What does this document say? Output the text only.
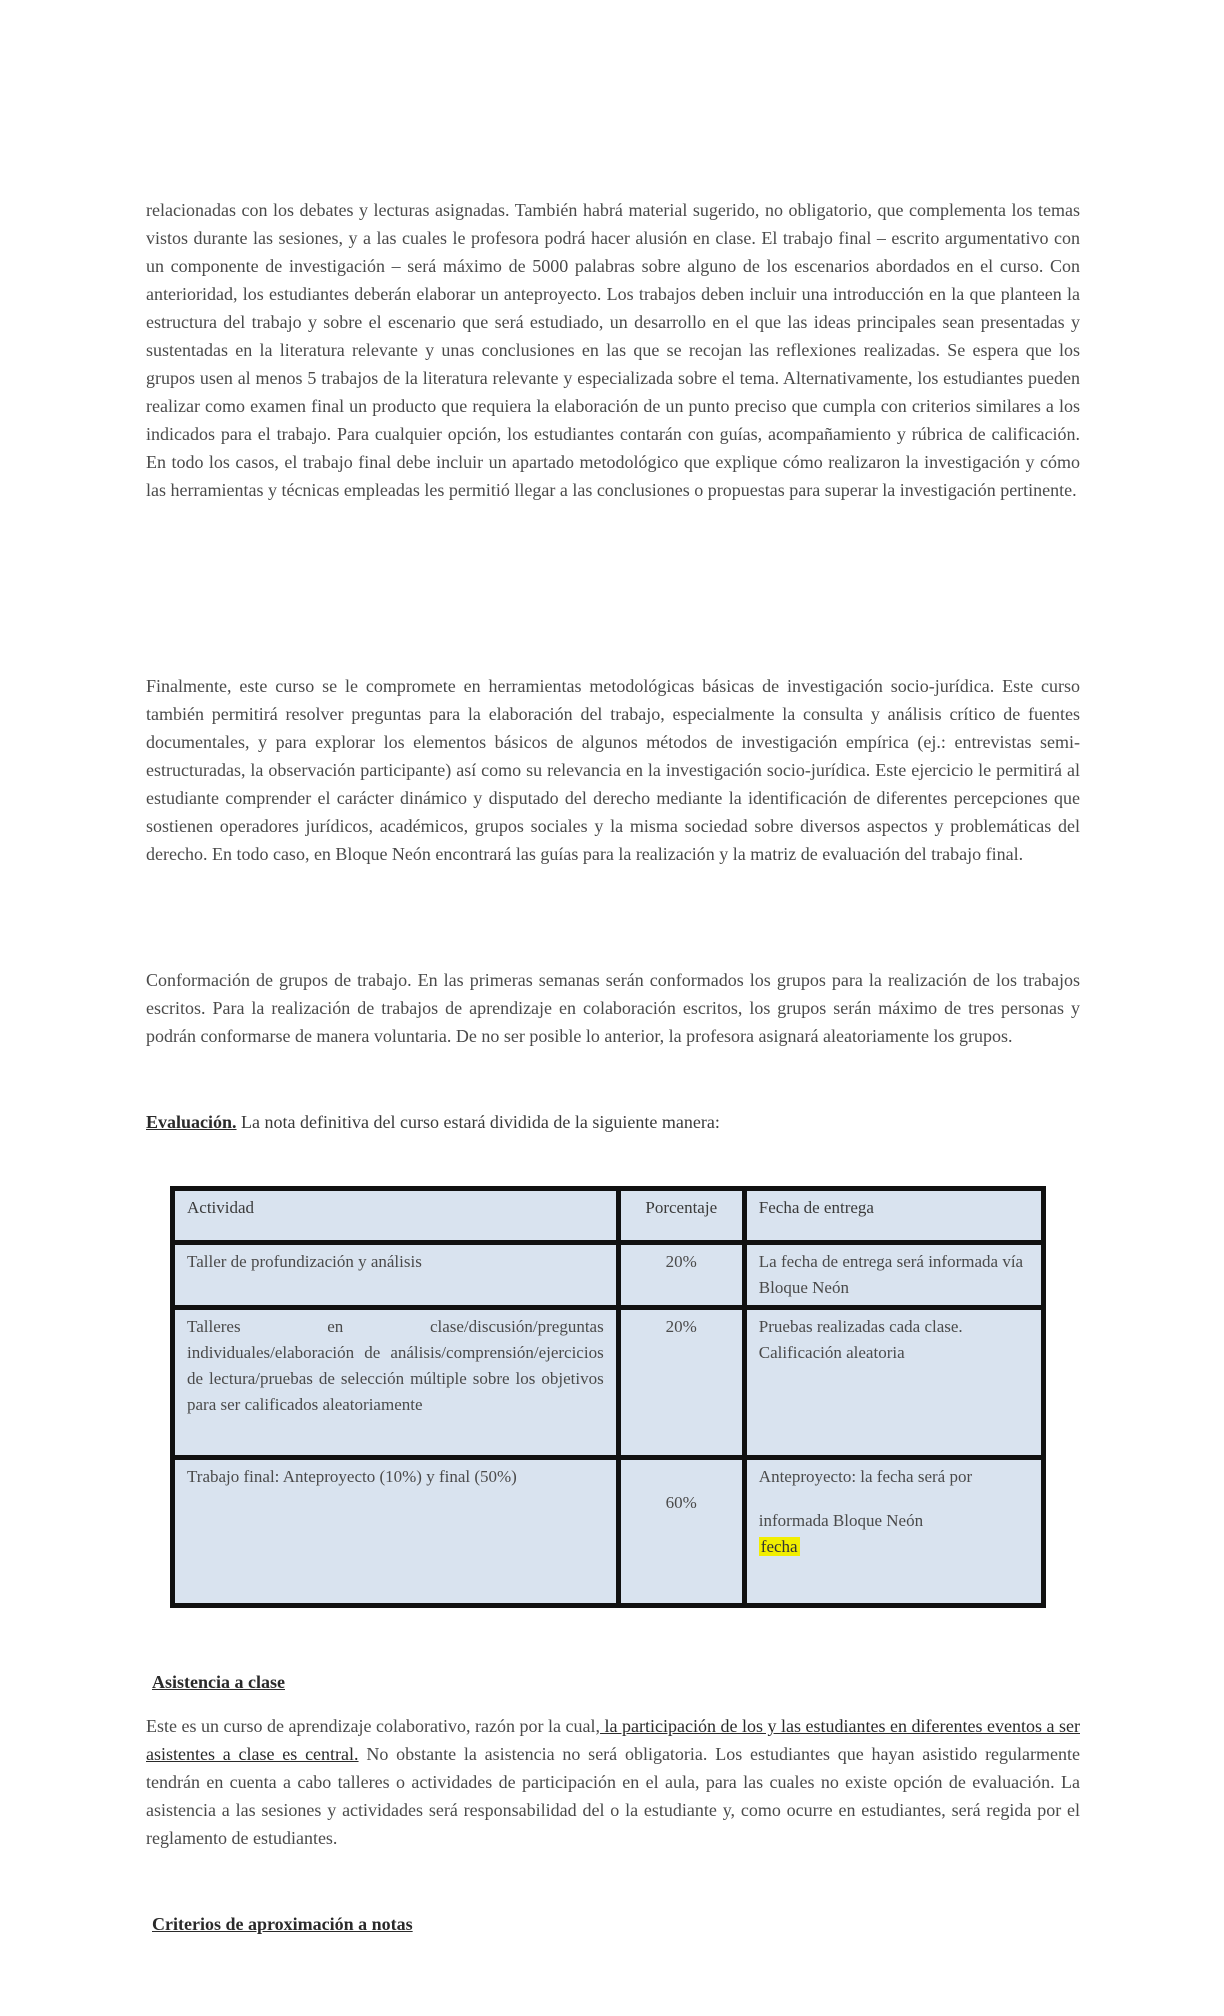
relacionadas con los debates y lecturas asignadas. También habrá material sugerido, no obligatorio, que complementa los temas vistos durante las sesiones, y a las cuales le profesora podrá hacer alusión en clase. El trabajo final – escrito argumentativo con un componente de investigación – será máximo de 5000 palabras sobre alguno de los escenarios abordados en el curso. Con anterioridad, los estudiantes deberán elaborar un anteproyecto. Los trabajos deben incluir una introducción en la que planteen la estructura del trabajo y sobre el escenario que será estudiado, un desarrollo en el que las ideas principales sean presentadas y sustentadas en la literatura relevante y unas conclusiones en las que se recojan las reflexiones realizadas. Se espera que los grupos usen al menos 5 trabajos de la literatura relevante y especializada sobre el tema. Alternativamente, los estudiantes pueden realizar como examen final un producto que requiera la elaboración de un punto preciso que cumpla con criterios similares a los indicados para el trabajo. Para cualquier opción, los estudiantes contarán con guías, acompañamiento y rúbrica de calificación. En todo los casos, el trabajo final debe incluir un apartado metodológico que explique cómo realizaron la investigación y cómo las herramientas y técnicas empleadas les permitió llegar a las conclusiones o propuestas para superar la investigación pertinente.

Finalmente, este curso se le compromete en herramientas metodológicas básicas de investigación socio-jurídica. Este curso también permitirá resolver preguntas para la elaboración del trabajo, especialmente la consulta y análisis crítico de fuentes documentales, y para explorar los elementos básicos de algunos métodos de investigación empírica (ej.: entrevistas semi-estructuradas, la observación participante) así como su relevancia en la investigación socio-jurídica. Este ejercicio le permitirá al estudiante comprender el carácter dinámico y disputado del derecho mediante la identificación de diferentes percepciones que sostienen operadores jurídicos, académicos, grupos sociales y la misma sociedad sobre diversos aspectos y problemáticas del derecho. En todo caso, en Bloque Neón encontrará las guías para la realización y la matriz de evaluación del trabajo final.

Conformación de grupos de trabajo. En las primeras semanas serán conformados los grupos para la realización de los trabajos escritos. Para la realización de trabajos de aprendizaje en colaboración escritos, los grupos serán máximo de tres personas y podrán conformarse de manera voluntaria. De no ser posible lo anterior, la profesora asignará aleatoriamente los grupos.

Evaluación. La nota definitiva del curso estará dividida de la siguiente manera:
Actividad	Porcentaje	Fecha de entrega
Taller de profundización y análisis	20%	La fecha de entrega será informada vía Bloque Neón
Talleres en clase/discusión/preguntas individuales/elaboración de análisis/comprensión/ejercicios de lectura/pruebas de selección múltiple sobre los objetivos para ser calificados aleatoriamente	20%	Pruebas realizadas cada clase. Calificación aleatoria
Trabajo final: Anteproyecto (10%) y final (50%)	60%	Anteproyecto: la fecha será por
informada Bloque Neón
fecha
Asistencia a clase

Este es un curso de aprendizaje colaborativo, razón por la cual, la participación de los y las estudiantes en diferentes eventos a ser asistentes a clase es central. No obstante la asistencia no será obligatoria. Los estudiantes que hayan asistido regularmente tendrán en cuenta a cabo talleres o actividades de participación en el aula, para las cuales no existe opción de evaluación. La asistencia a las sesiones y actividades será responsabilidad del o la estudiante y, como ocurre en estudiantes, será regida por el reglamento de estudiantes.

Criterios de aproximación a notas
